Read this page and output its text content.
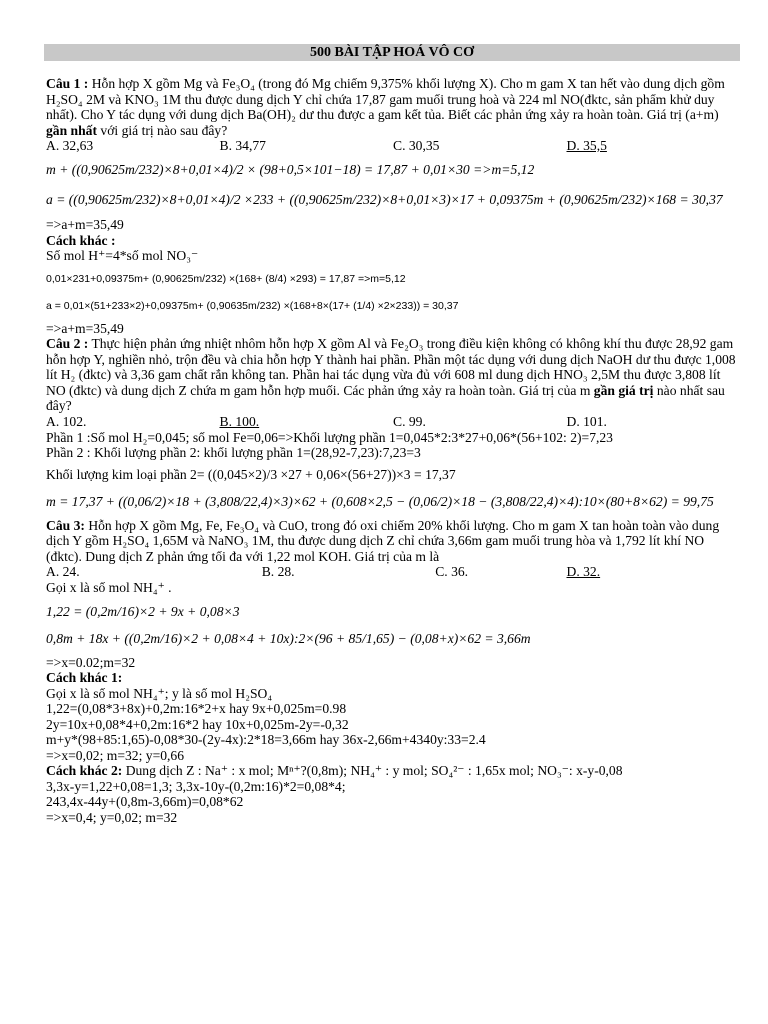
500 BÀI TẬP HOÁ VÔ CƠ

Câu 1 : Hỗn hợp X gồm Mg và Fe₃O₄ (trong đó Mg chiếm 9,375% khối lượng X). Cho m gam X tan hết vào dung dịch gồm H₂SO₄ 2M và KNO₃ 1M thu được dung dịch Y chỉ chứa 17,87 gam muối trung hoà và 224 ml NO(đktc, sản phẩm khử duy nhất). Cho Y tác dụng với dung dịch Ba(OH)₂ dư thu được a gam kết tủa. Biết các phản ứng xảy ra hoàn toàn. Giá trị (a+m) gần nhất với giá trị nào sau đây?

A. 32,63	B. 34,77	C. 30,35	D. 35,5

m + ((0,90625m/232)×8+0,01×4)/2 × (98+0,5×101−18) = 17,87 + 0,01×30 =>m=5,12

a = ((0,90625m/232)×8+0,01×4)/2 ×233 + ((0,90625m/232)×8+0,01×3)×17 + 0,09375m + (0,90625m/232)×168 = 30,37

=>a+m=35,49

Cách khác :

Số mol H⁺=4*số mol NO₃⁻

0,01×231+0,09375m+ (0,90625m/232) ×(168+ (8/4) ×293) = 17,87 =>m=5,12

a = 0,01×(51+233×2)+0,09375m+ (0,90635m/232) ×(168+8×(17+ (1/4) ×2×233)) = 30,37

=>a+m=35,49

Câu 2 : Thực hiện phản ứng nhiệt nhôm hỗn hợp X gồm Al và Fe₂O₃ trong điều kiện không có không khí thu được 28,92 gam hỗn hợp Y, nghiền nhỏ, trộn đều và chia hỗn hợp Y thành hai phần. Phần một tác dụng với dung dịch NaOH dư thu được 1,008 lít H₂ (đktc) và 3,36 gam chất rắn không tan. Phần hai tác dụng vừa đủ với 608 ml dung dịch HNO₃ 2,5M thu được 3,808 lít NO (đktc) và dung dịch Z chứa m gam hỗn hợp muối. Các phản ứng xảy ra hoàn toàn. Giá trị của m gần giá trị nào nhất sau đây?

A. 102.	B. 100.	C. 99.	D. 101.

Phần 1 :Số mol H₂=0,045; số mol Fe=0,06=>Khối lượng phần 1=0,045*2:3*27+0,06*(56+102: 2)=7,23

Phần 2 : Khối lượng phần 2: khối lượng phần 1=(28,92-7,23):7,23=3

Khối lượng kim loại phần 2= ((0,045×2)/3 ×27 + 0,06×(56+27))×3 = 17,37

m = 17,37 + ((0,06/2)×18 + (3,808/22,4)×3)×62 + (0,608×2,5 − (0,06/2)×18 − (3,808/22,4)×4):10×(80+8×62) = 99,75

Câu 3: Hỗn hợp X gồm Mg, Fe, Fe₃O₄ và CuO, trong đó oxi chiếm 20% khối lượng. Cho m gam X tan hoàn toàn vào dung dịch Y gồm H₂SO₄ 1,65M và NaNO₃ 1M, thu được dung dịch Z chỉ chứa 3,66m gam muối trung hòa và 1,792 lít khí NO (đktc). Dung dịch Z phản ứng tối đa với 1,22 mol KOH. Giá trị của m là

A. 24.	B. 28.	C. 36.	D. 32.

Gọi x là số mol NH₄⁺ .

1,22 = (0,2m/16)×2 + 9x + 0,08×3

0,8m + 18x + ((0,2m/16)×2 + 0,08×4 + 10x):2×(96 + 85/1,65) − (0,08+x)×62 = 3,66m

=>x=0.02;m=32

Cách khác 1:

Gọi x là số mol NH₄⁺; y là số mol H₂SO₄

1,22=(0,08*3+8x)+0,2m:16*2+x hay 9x+0,025m=0.98

2y=10x+0,08*4+0,2m:16*2 hay 10x+0,025m-2y=-0,32

m+y*(98+85:1,65)-0,08*30-(2y-4x):2*18=3,66m hay 36x-2,66m+4340y:33=2.4

=>x=0,02; m=32; y=0,66

Cách khác 2: Dung dịch Z : Na⁺ : x mol; Mⁿ⁺?(0,8m); NH₄⁺ : y mol; SO₄²⁻ : 1,65x mol; NO₃⁻: x-y-0,08

3,3x-y=1,22+0,08=1,3; 3,3x-10y-(0,2m:16)*2=0,08*4;

243,4x-44y+(0,8m-3,66m)=0,08*62

=>x=0,4; y=0,02; m=32
